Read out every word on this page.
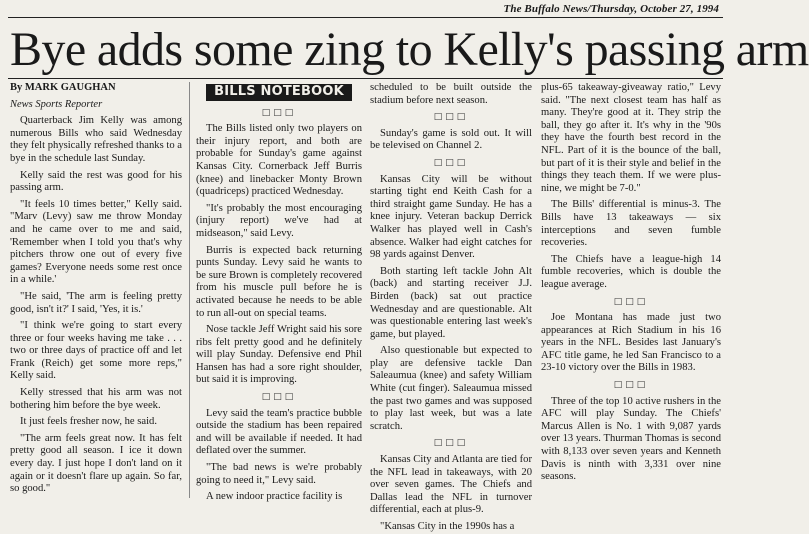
The Buffalo News/Thursday, October 27, 1994
Bye adds some zing to Kelly's passing arm

By MARK GAUGHAN

News Sports Reporter

Quarterback Jim Kelly was among numerous Bills who said Wednesday they felt physically refreshed thanks to a bye in the schedule last Sunday.

Kelly said the rest was good for his passing arm.

"It feels 10 times better," Kelly said. "Marv (Levy) saw me throw Monday and he came over to me and said, 'Remember when I told you that's why pitchers throw one out of every five games? Everyone needs some rest once in a while.'

"He said, 'The arm is feeling pretty good, isn't it?' I said, 'Yes, it is.'

"I think we're going to start every three or four weeks having me take . . . two or three days of practice off and let Frank (Reich) get some more reps," Kelly said.

Kelly stressed that his arm was not bothering him before the bye week.

It just feels fresher now, he said.

"The arm feels great now. It has felt pretty good all season. I ice it down every day. I just hope I don't land on it again or it doesn't flare up again. So far, so good."

BILLS NOTEBOOK
□□□

The Bills listed only two players on their injury report, and both are probable for Sunday's game against Kansas City. Cornerback Jeff Burris (knee) and linebacker Monty Brown (quadriceps) practiced Wednesday.

"It's probably the most encouraging (injury report) we've had at midseason," said Levy.

Burris is expected back returning punts Sunday. Levy said he wants to be sure Brown is completely recovered from his muscle pull before he is activated because he needs to be able to run all-out on special teams.

Nose tackle Jeff Wright said his sore ribs felt pretty good and he definitely will play Sunday. Defensive end Phil Hansen has had a sore right shoulder, but said it is improving.

□□□

Levy said the team's practice bubble outside the stadium has been repaired and will be available if needed. It had deflated over the summer.

"The bad news is we're probably going to need it," Levy said.

A new indoor practice facility is

scheduled to be built outside the stadium before next season.

□□□

Sunday's game is sold out. It will be televised on Channel 2.

□□□

Kansas City will be without starting tight end Keith Cash for a third straight game Sunday. He has a knee injury. Veteran backup Derrick Walker has played well in Cash's absence. Walker had eight catches for 98 yards against Denver.

Both starting left tackle John Alt (back) and starting receiver J.J. Birden (back) sat out practice Wednesday and are questionable. Alt was questionable entering last week's game, but played.

Also questionable but expected to play are defensive tackle Dan Saleaumua (knee) and safety William White (cut finger). Saleaumua missed the past two games and was supposed to play last week, but was a late scratch.

□□□

Kansas City and Atlanta are tied for the NFL lead in takeaways, with 20 over seven games. The Chiefs and Dallas lead the NFL in turnover differential, each at plus-9.

"Kansas City in the 1990s has a

plus-65 takeaway-giveaway ratio," Levy said. "The next closest team has half as many. They're good at it. They strip the ball, they go after it. It's why in the '90s they have the fourth best record in the NFL. Part of it is the bounce of the ball, but part of it is their style and belief in the things they teach them. If we were plus-nine, we might be 7-0."

The Bills' differential is minus-3. The Bills have 13 takeaways — six interceptions and seven fumble recoveries.

The Chiefs have a league-high 14 fumble recoveries, which is double the league average.

□□□

Joe Montana has made just two appearances at Rich Stadium in his 16 years in the NFL. Besides last January's AFC title game, he led San Francisco to a 23-10 victory over the Bills in 1983.

□□□

Three of the top 10 active rushers in the AFC will play Sunday. The Chiefs' Marcus Allen is No. 1 with 9,087 yards over 13 years. Thurman Thomas is second with 8,133 over seven years and Kenneth Davis is ninth with 3,331 over nine seasons.
